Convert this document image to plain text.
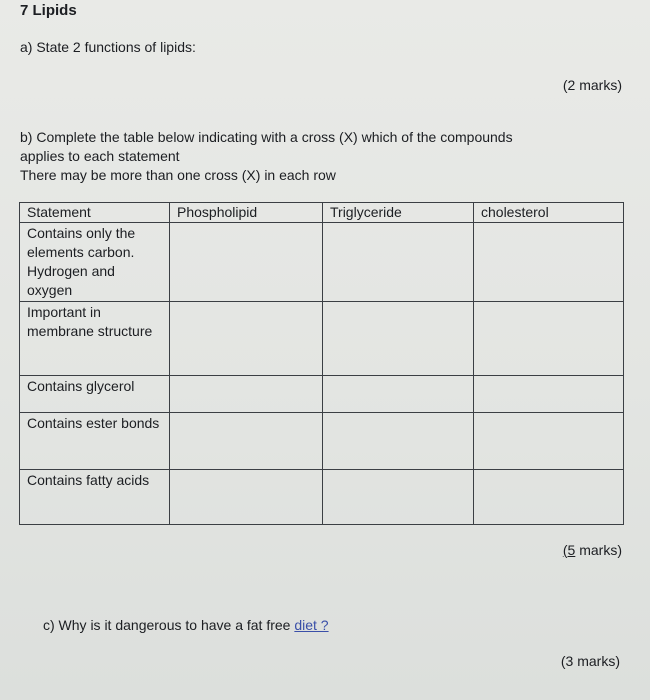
7 Lipids
a) State 2 functions of lipids:
(2 marks)
b) Complete the table below indicating with a cross (X) which of the compounds
applies to each statement
There may be more than one cross (X) in each row
Statement	Phospholipid	Triglyceride	cholesterol
Contains only the elements carbon. Hydrogen and oxygen			
Important in membrane structure			
Contains glycerol			
Contains ester bonds			
Contains fatty acids			
(5 marks)
c) Why is it dangerous to have a fat free diet ?
(3 marks)
